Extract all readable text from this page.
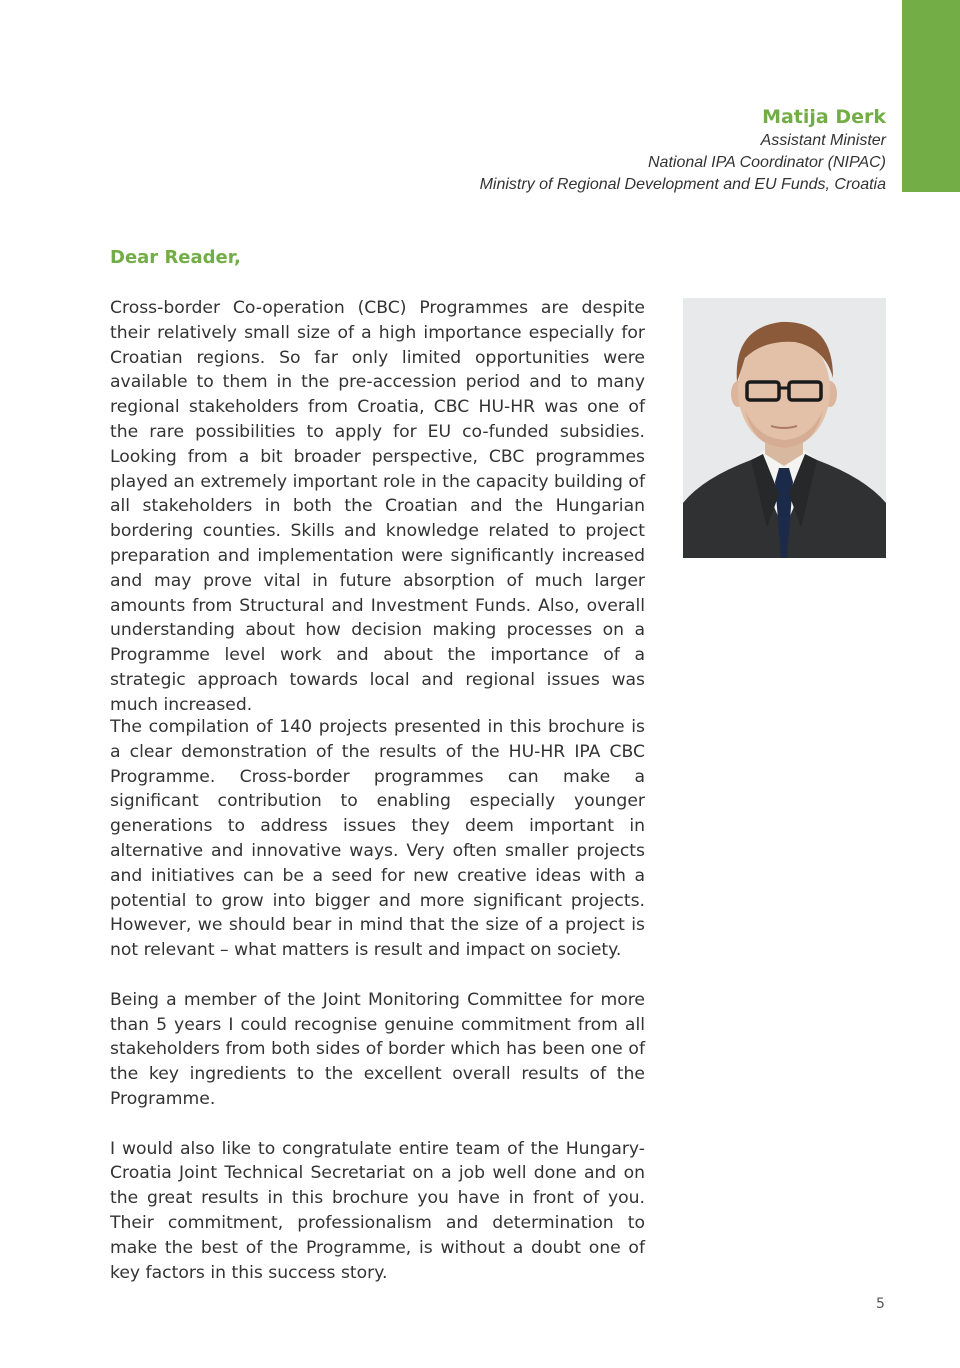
Matija Derk
Assistant Minister
National IPA Coordinator (NIPAC)
Ministry of Regional Development and EU Funds, Croatia
Dear Reader,

Cross-border Co-operation (CBC) Programmes are despite their relatively small size of a high importance especially for Croatian regions. So far only limited opportunities were available to them in the pre-accession period and to many regional stakeholders from Croatia, CBC HU-HR was one of the rare possibilities to apply for EU co-funded subsidies. Looking from a bit broader perspective, CBC programmes played an extremely important role in the capacity building of all stakeholders in both the Croatian and the Hungarian bordering counties. Skills and knowledge related to project preparation and implementation were significantly increased and may prove vital in future absorption of much larger amounts from Structural and Investment Funds. Also, overall understanding about how decision making processes on a Programme level work and about the importance of a strategic approach towards local and regional issues was much increased.

The compilation of 140 projects presented in this brochure is a clear demonstration of the results of the HU-HR IPA CBC Programme. Cross-border programmes can make a significant contribution to enabling especially younger generations to address issues they deem important in alternative and innovative ways. Very often smaller projects and initiatives can be a seed for new creative ideas with a potential to grow into bigger and more significant projects. However, we should bear in mind that the size of a project is not relevant – what matters is result and impact on society.

Being a member of the Joint Monitoring Committee for more than 5 years I could recognise genuine commitment from all stakeholders from both sides of border which has been one of the key ingredients to the excellent overall results of the Programme.

I would also like to congratulate entire team of the Hungary-Croatia Joint Technical Secretariat on a job well done and on the great results in this brochure you have in front of you. Their commitment, professionalism and determination to make the best of the Programme, is without a doubt one of key factors in this success story.

5
